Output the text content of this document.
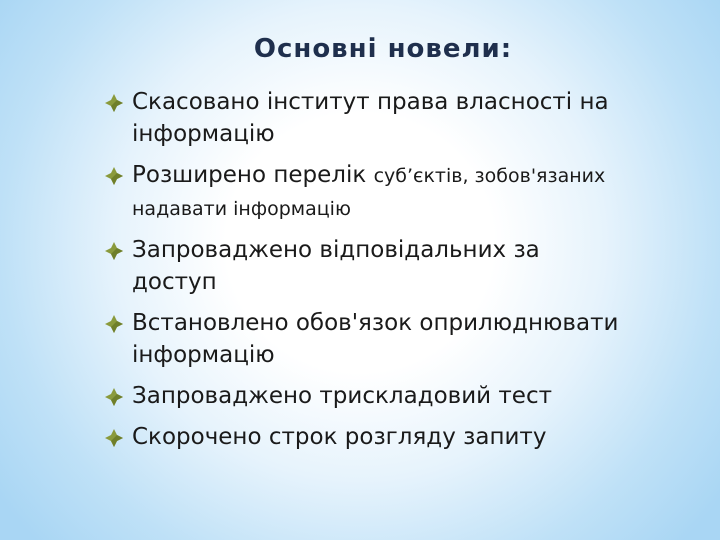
Основні новели:
Скасовано інститут права власності на інформацію
Розширено перелік суб’єктів, зобов'язаних надавати інформацію
Запроваджено відповідальних за доступ
Встановлено обов'язок оприлюднювати інформацію
Запроваджено трискладовий тест
Скорочено строк розгляду запиту
